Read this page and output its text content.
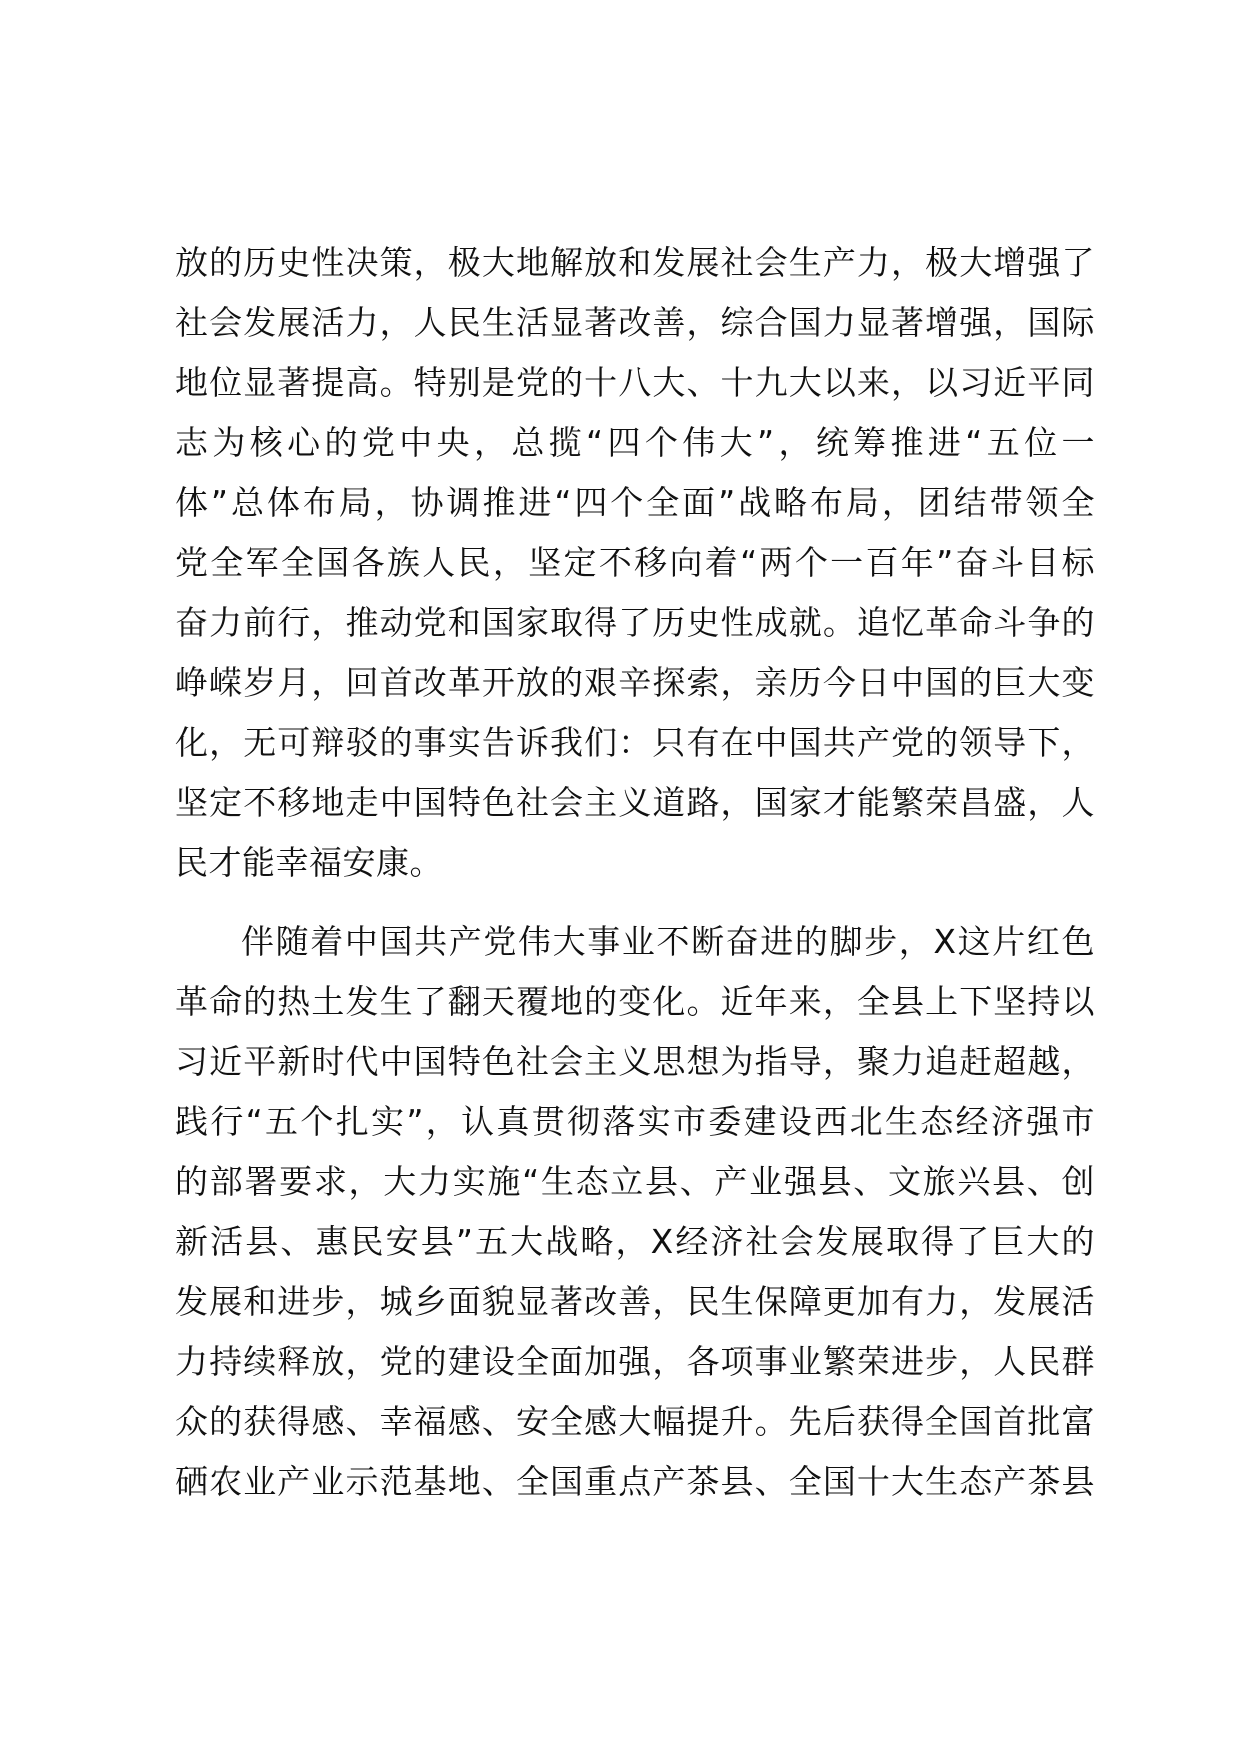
放的历史性决策，极大地解放和发展社会生产力，极大增强了
社会发展活力，人民生活显著改善，综合国力显著增强，国际
地位显著提高。特别是党的十八大、十九大以来，以习近平同
志为核心的党中央，总揽“四个伟大”，统筹推进“五位一
体”总体布局，协调推进“四个全面”战略布局，团结带领全
党全军全国各族人民，坚定不移向着“两个一百年”奋斗目标
奋力前行，推动党和国家取得了历史性成就。追忆革命斗争的
峥嵘岁月，回首改革开放的艰辛探索，亲历今日中国的巨大变
化，无可辩驳的事实告诉我们：只有在中国共产党的领导下，
坚定不移地走中国特色社会主义道路，国家才能繁荣昌盛，人
民才能幸福安康。
伴随着中国共产党伟大事业不断奋进的脚步，X这片红色
革命的热土发生了翻天覆地的变化。近年来，全县上下坚持以
习近平新时代中国特色社会主义思想为指导，聚力追赶超越，
践行“五个扎实”，认真贯彻落实市委建设西北生态经济强市
的部署要求，大力实施“生态立县、产业强县、文旅兴县、创
新活县、惠民安县”五大战略，X经济社会发展取得了巨大的
发展和进步，城乡面貌显著改善，民生保障更加有力，发展活
力持续释放，党的建设全面加强，各项事业繁荣进步，人民群
众的获得感、幸福感、安全感大幅提升。先后获得全国首批富
硒农业产业示范基地、全国重点产茶县、全国十大生态产茶县
